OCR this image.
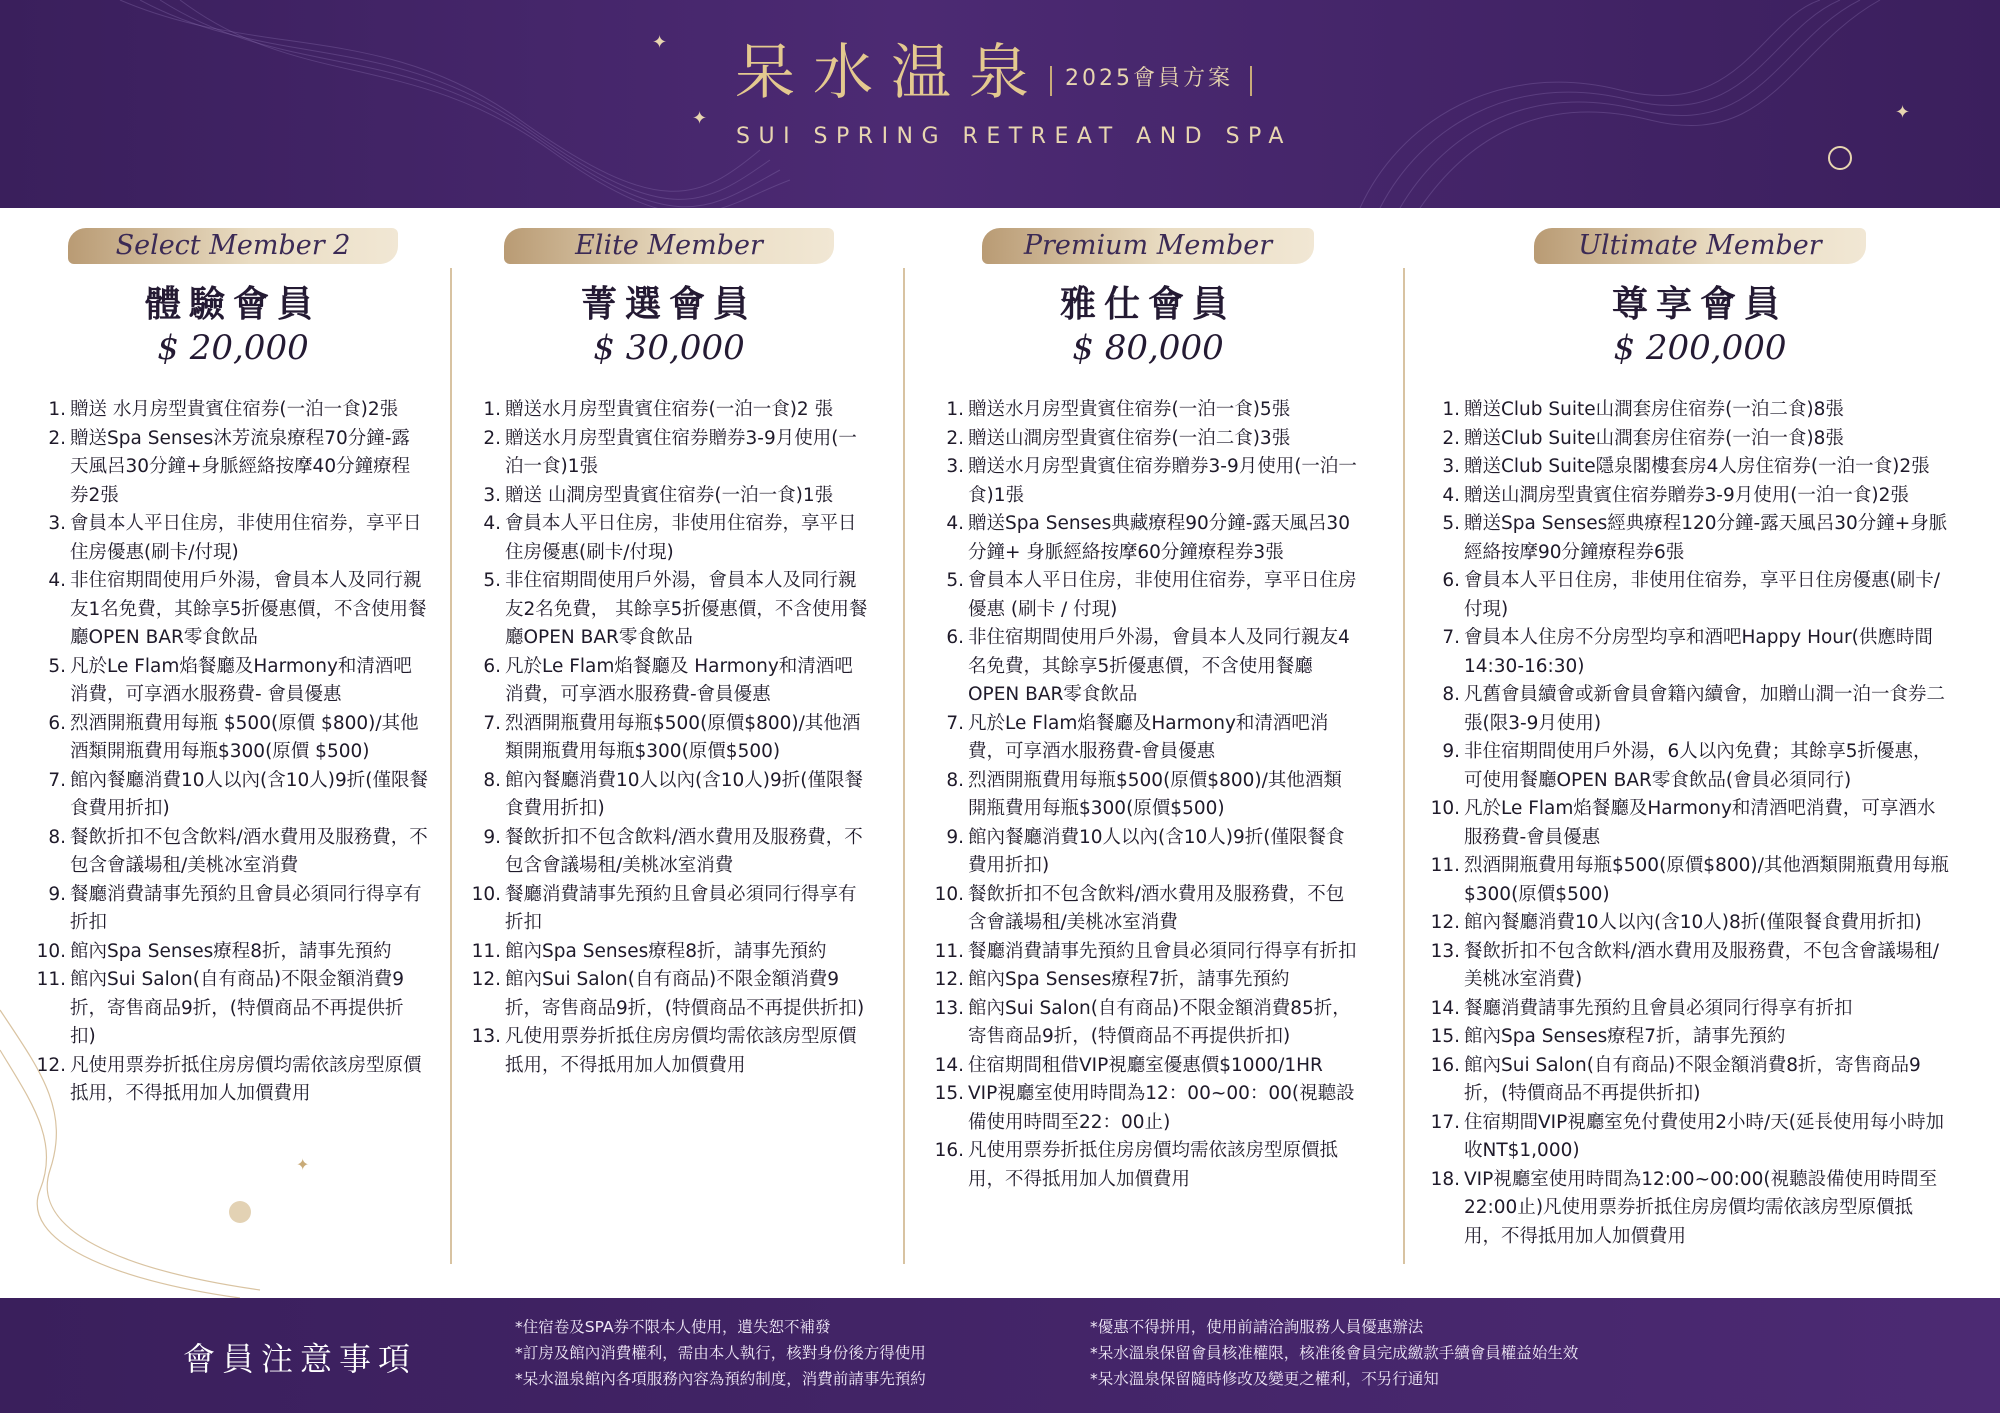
✦
✦	✦
呆水温泉 2025會員方案
SUI SPRING RETREAT AND SPA
✦
Select Member 2
體驗會員
$ 20,000
1. 贈送 水月房型貴賓住宿券(一泊一食)2張
2. 贈送Spa Senses沐芳流泉療程70分鐘-露天風呂30分鐘+身脈經絡按摩40分鐘療程券2張
3. 會員本人平日住房，非使用住宿券，享平日住房優惠(刷卡/付現)
4. 非住宿期間使用戶外湯，會員本人及同行親友1名免費，其餘享5折優惠價，不含使用餐廳OPEN BAR零食飲品
5. 凡於Le Flam焰餐廳及Harmony和清酒吧消費，可享酒水服務費- 會員優惠
6. 烈酒開瓶費用每瓶 $500(原價 $800)/其他酒類開瓶費用每瓶$300(原價 $500)
7. 館內餐廳消費10人以內(含10人)9折(僅限餐食費用折扣)
8. 餐飲折扣不包含飲料/酒水費用及服務費，不包含會議場租/美桃冰室消費
9. 餐廳消費請事先預約且會員必須同行得享有折扣
10. 館內Spa Senses療程8折，請事先預約
11. 館內Sui Salon(自有商品)不限金額消費9折，寄售商品9折，(特價商品不再提供折扣)
12. 凡使用票券折抵住房房價均需依該房型原價抵用，不得抵用加人加價費用
Elite Member
菁選會員
$ 30,000
1. 贈送水月房型貴賓住宿券(一泊一食)2 張
2. 贈送水月房型貴賓住宿券贈券3-9月使用(一泊一食)1張
3. 贈送 山澗房型貴賓住宿券(一泊一食)1張
4. 會員本人平日住房，非使用住宿券，享平日住房優惠(刷卡/付現)
5. 非住宿期間使用戶外湯，會員本人及同行親友2名免費， 其餘享5折優惠價，不含使用餐廳OPEN BAR零食飲品
6. 凡於Le Flam焰餐廳及 Harmony和清酒吧消費，可享酒水服務費-會員優惠
7. 烈酒開瓶費用每瓶$500(原價$800)/其他酒類開瓶費用每瓶$300(原價$500)
8. 館內餐廳消費10人以內(含10人)9折(僅限餐食費用折扣)
9. 餐飲折扣不包含飲料/酒水費用及服務費，不包含會議場租/美桃冰室消費
10. 餐廳消費請事先預約且會員必須同行得享有折扣
11. 館內Spa Senses療程8折，請事先預約
12. 館內Sui Salon(自有商品)不限金額消費9折，寄售商品9折，(特價商品不再提供折扣)
13. 凡使用票券折抵住房房價均需依該房型原價抵用，不得抵用加人加價費用
Premium Member
雅仕會員
$ 80,000
1. 贈送水月房型貴賓住宿券(一泊一食)5張
2. 贈送山澗房型貴賓住宿券(一泊二食)3張
3. 贈送水月房型貴賓住宿券贈券3-9月使用(一泊一食)1張
4. 贈送Spa Senses典藏療程90分鐘-露天風呂30分鐘+ 身脈經絡按摩60分鐘療程券3張
5. 會員本人平日住房，非使用住宿券，享平日住房優惠 (刷卡 / 付現)
6. 非住宿期間使用戶外湯，會員本人及同行親友4名免費，其餘享5折優惠價，不含使用餐廳OPEN BAR零食飲品
7. 凡於Le Flam焰餐廳及Harmony和清酒吧消費，可享酒水服務費-會員優惠
8. 烈酒開瓶費用每瓶$500(原價$800)/其他酒類開瓶費用每瓶$300(原價$500)
9. 館內餐廳消費10人以內(含10人)9折(僅限餐食費用折扣)
10. 餐飲折扣不包含飲料/酒水費用及服務費，不包含會議場租/美桃冰室消費
11. 餐廳消費請事先預約且會員必須同行得享有折扣
12. 館內Spa Senses療程7折，請事先預約
13. 館內Sui Salon(自有商品)不限金額消費85折，寄售商品9折，(特價商品不再提供折扣)
14. 住宿期間租借VIP視廳室優惠價$1000/1HR
15. VIP視廳室使用時間為12：00~00：00(視聽設備使用時間至22：00止)
16. 凡使用票券折抵住房房價均需依該房型原價抵用，不得抵用加人加價費用
Ultimate Member
尊享會員
$ 200,000
1. 贈送Club Suite山澗套房住宿券(一泊二食)8張
2. 贈送Club Suite山澗套房住宿券(一泊一食)8張
3. 贈送Club Suite隱泉閣樓套房4人房住宿券(一泊一食)2張
4. 贈送山澗房型貴賓住宿券贈券3-9月使用(一泊一食)2張
5. 贈送Spa Senses經典療程120分鐘-露天風呂30分鐘+身脈經絡按摩90分鐘療程券6張
6. 會員本人平日住房，非使用住宿券，享平日住房優惠(刷卡/付現)
7. 會員本人住房不分房型均享和酒吧Happy Hour(供應時間14:30-16:30)
8. 凡舊會員續會或新會員會籍內續會，加贈山澗一泊一食券二張(限3-9月使用)
9. 非住宿期間使用戶外湯，6人以內免費；其餘享5折優惠，可使用餐廳OPEN BAR零食飲品(會員必須同行)
10. 凡於Le Flam焰餐廳及Harmony和清酒吧消費，可享酒水服務費-會員優惠
11. 烈酒開瓶費用每瓶$500(原價$800)/其他酒類開瓶費用每瓶$300(原價$500)
12. 館內餐廳消費10人以內(含10人)8折(僅限餐食費用折扣)
13. 餐飲折扣不包含飲料/酒水費用及服務費，不包含會議場租/美桃冰室消費)
14. 餐廳消費請事先預約且會員必須同行得享有折扣
15. 館內Spa Senses療程7折，請事先預約
16. 館內Sui Salon(自有商品)不限金額消費8折，寄售商品9折，(特價商品不再提供折扣)
17. 住宿期間VIP視廳室免付費使用2小時/天(延長使用每小時加收NT$1,000)
18. VIP視廳室使用時間為12:00~00:00(視聽設備使用時間至22:00止)凡使用票券折抵住房房價均需依該房型原價抵用，不得抵用加人加價費用
會員注意事項
*住宿卷及SPA券不限本人使用，遺失恕不補發
*訂房及館內消費權利，需由本人執行，核對身份後方得使用
*呆水溫泉館內各項服務內容為預約制度，消費前請事先預約
*優惠不得拼用，使用前請洽詢服務人員優惠辦法
*呆水溫泉保留會員核准權限，核准後會員完成繳款手續會員權益始生效
*呆水溫泉保留隨時修改及變更之權利，不另行通知
